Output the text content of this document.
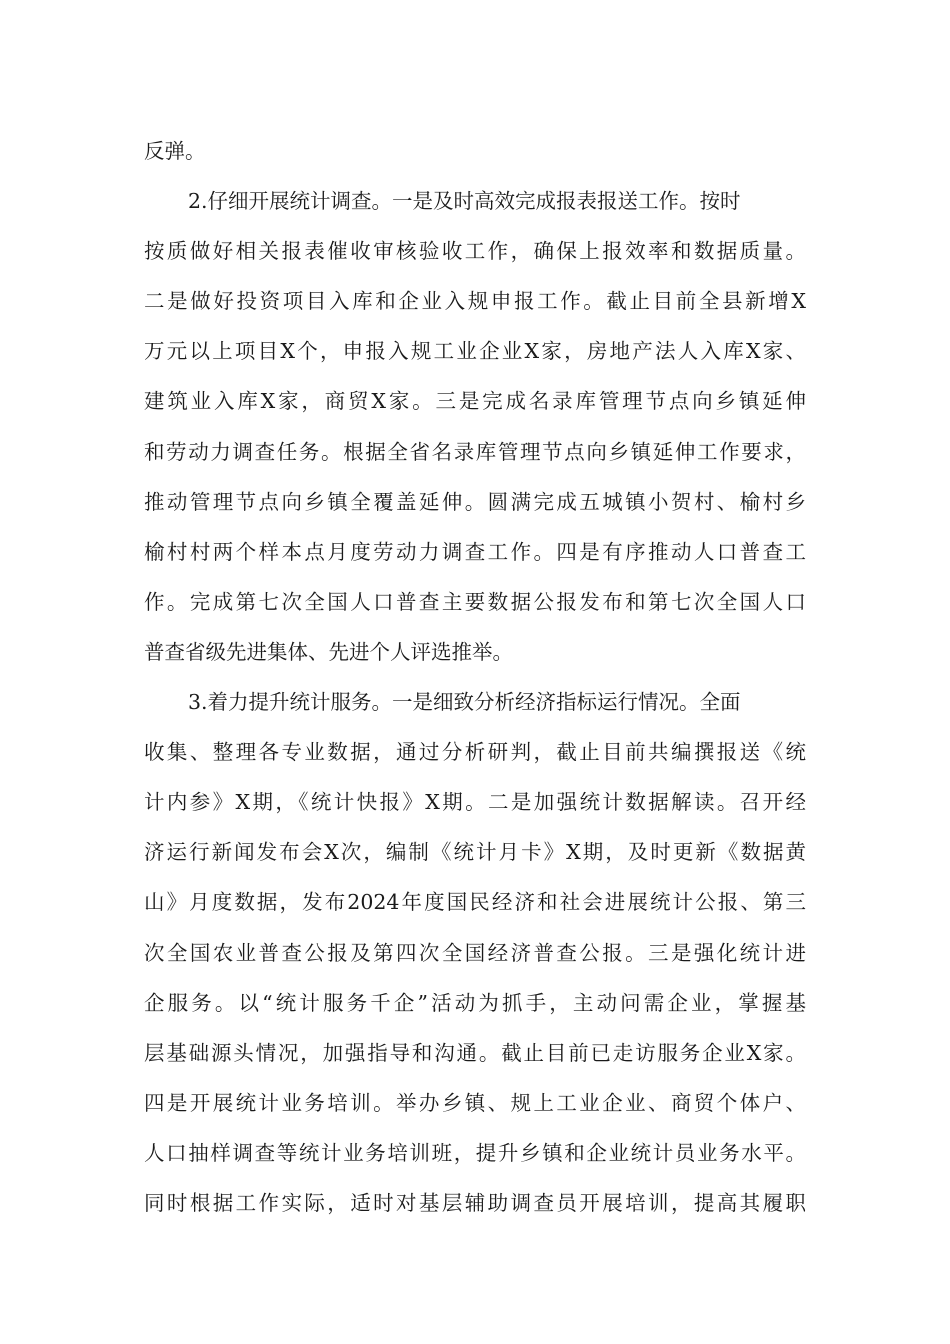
反弹。
2.仔细开展统计调查。一是及时高效完成报表报送工作。按时
按质做好相关报表催收审核验收工作，确保上报效率和数据质量。
二是做好投资项目入库和企业入规申报工作。截止目前全县新增X
万元以上项目X个，申报入规工业企业X家，房地产法人入库X家、
建筑业入库X家，商贸X家。三是完成名录库管理节点向乡镇延伸
和劳动力调查任务。根据全省名录库管理节点向乡镇延伸工作要求，
推动管理节点向乡镇全覆盖延伸。圆满完成五城镇小贺村、榆村乡
榆村村两个样本点月度劳动力调查工作。四是有序推动人口普查工
作。完成第七次全国人口普查主要数据公报发布和第七次全国人口
普查省级先进集体、先进个人评选推举。
3.着力提升统计服务。一是细致分析经济指标运行情况。全面
收集、整理各专业数据，通过分析研判，截止目前共编撰报送《统
计内参》X期，《统计快报》X期。二是加强统计数据解读。召开经
济运行新闻发布会X次，编制《统计月卡》X期，及时更新《数据黄
山》月度数据，发布2024年度国民经济和社会进展统计公报、第三
次全国农业普查公报及第四次全国经济普查公报。三是强化统计进
企服务。以“统计服务千企”活动为抓手，主动问需企业，掌握基
层基础源头情况，加强指导和沟通。截止目前已走访服务企业X家。
四是开展统计业务培训。举办乡镇、规上工业企业、商贸个体户、
人口抽样调查等统计业务培训班，提升乡镇和企业统计员业务水平。
同时根据工作实际，适时对基层辅助调查员开展培训，提高其履职
